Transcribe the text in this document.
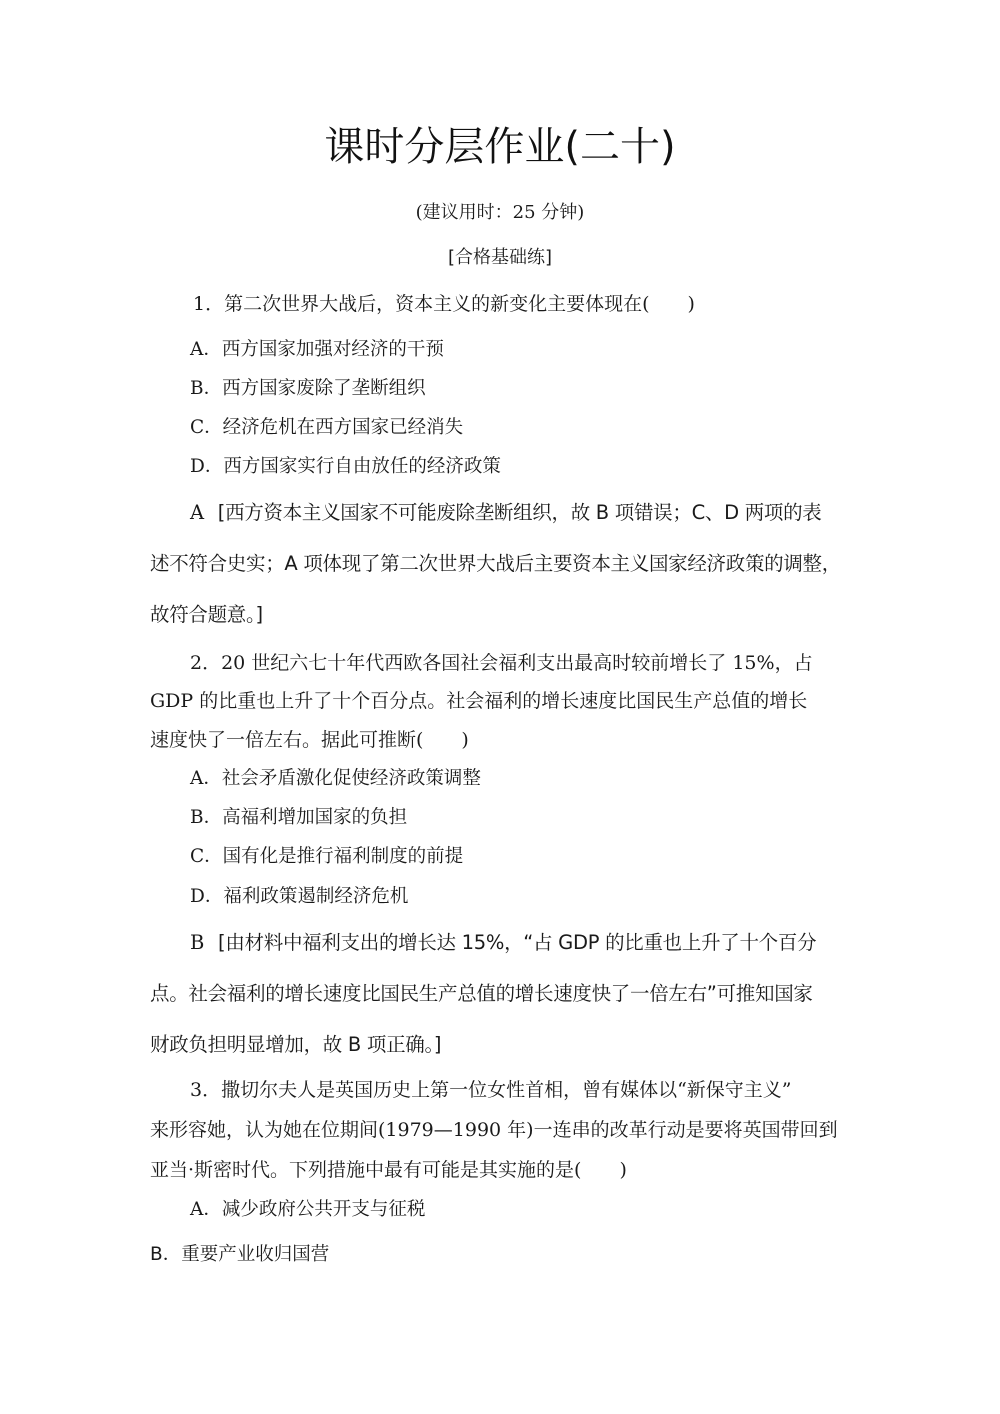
课时分层作业(二十)
(建议用时：25 分钟)
[合格基础练]
1．第二次世界大战后，资本主义的新变化主要体现在(　　)
A．西方国家加强对经济的干预
B．西方国家废除了垄断组织
C．经济危机在西方国家已经消失
D．西方国家实行自由放任的经济政策
A [西方资本主义国家不可能废除垄断组织，故 B 项错误；C、D 两项的表
述不符合史实；A 项体现了第二次世界大战后主要资本主义国家经济政策的调整，
故符合题意。]
2．20 世纪六七十年代西欧各国社会福利支出最高时较前增长了 15%，占
GDP 的比重也上升了十个百分点。社会福利的增长速度比国民生产总值的增长
速度快了一倍左右。据此可推断(　　)
A．社会矛盾激化促使经济政策调整
B．高福利增加国家的负担
C．国有化是推行福利制度的前提
D．福利政策遏制经济危机
B [由材料中福利支出的增长达 15%，“占 GDP 的比重也上升了十个百分
点。社会福利的增长速度比国民生产总值的增长速度快了一倍左右”可推知国家
财政负担明显增加，故 B 项正确。]
3．撒切尔夫人是英国历史上第一位女性首相，曾有媒体以“新保守主义”
来形容她，认为她在位期间(1979—1990 年)一连串的改革行动是要将英国带回到
亚当·斯密时代。下列措施中最有可能是其实施的是(　　)
A．减少政府公共开支与征税
B．重要产业收归国营
